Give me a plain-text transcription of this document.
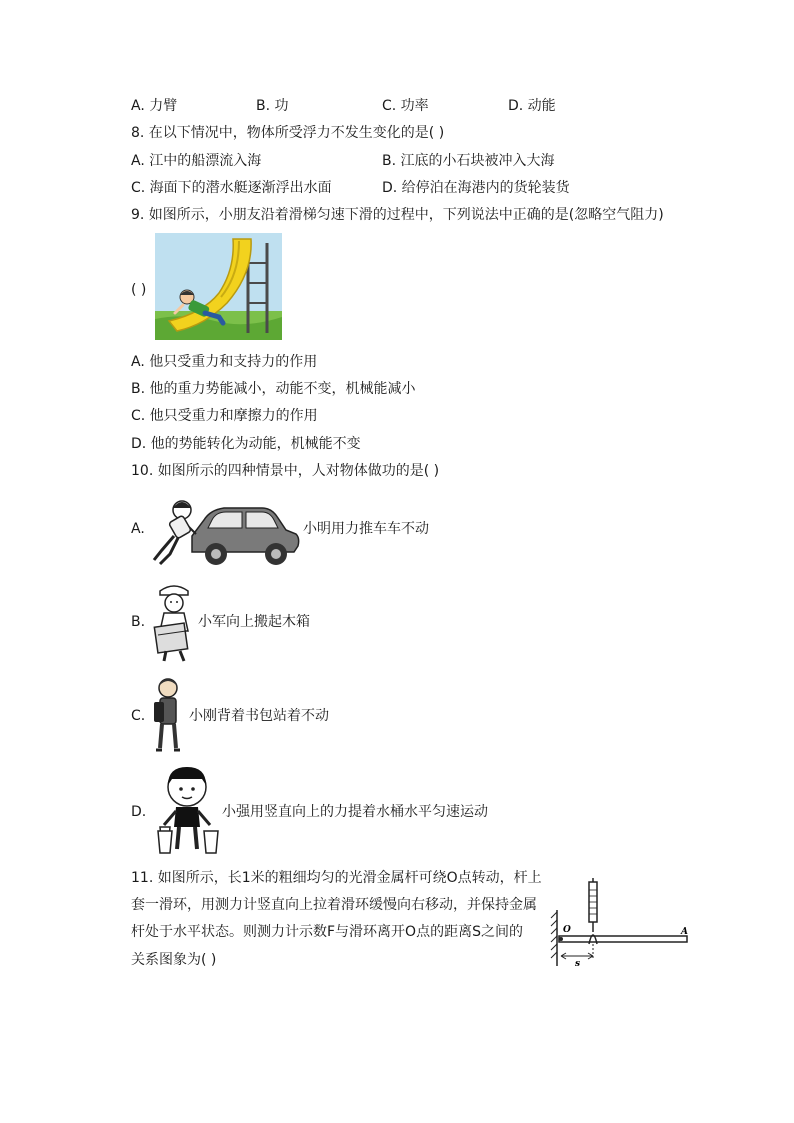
A. 力臂	B. 功	C. 功率	D. 动能
8. 在以下情况中，物体所受浮力不发生变化的是( )
A. 江中的船漂流入海	B. 江底的小石块被冲入大海
C. 海面下的潜水艇逐渐浮出水面	D. 给停泊在海港内的货轮装货
9. 如图所示，小朋友沿着滑梯匀速下滑的过程中，下列说法中正确的是(忽略空气阻力)
( )
A. 他只受重力和支持力的作用
B. 他的重力势能减小，动能不变，机械能减小
C. 他只受重力和摩擦力的作用
D. 他的势能转化为动能，机械能不变
10. 如图所示的四种情景中，人对物体做功的是( )
A.	小明用力推车车不动
B.	小军向上搬起木箱
C.	小刚背着书包站着不动
D.	小强用竖直向上的力提着水桶水平匀速运动
11. 如图所示，长1米的粗细均匀的光滑金属杆可绕O点转动，杆上
套一滑环，用测力计竖直向上拉着滑环缓慢向右移动，并保持金属
杆处于水平状态。则测力计示数F与滑环离开O点的距离S之间的
关系图象为( )
O	A
s
